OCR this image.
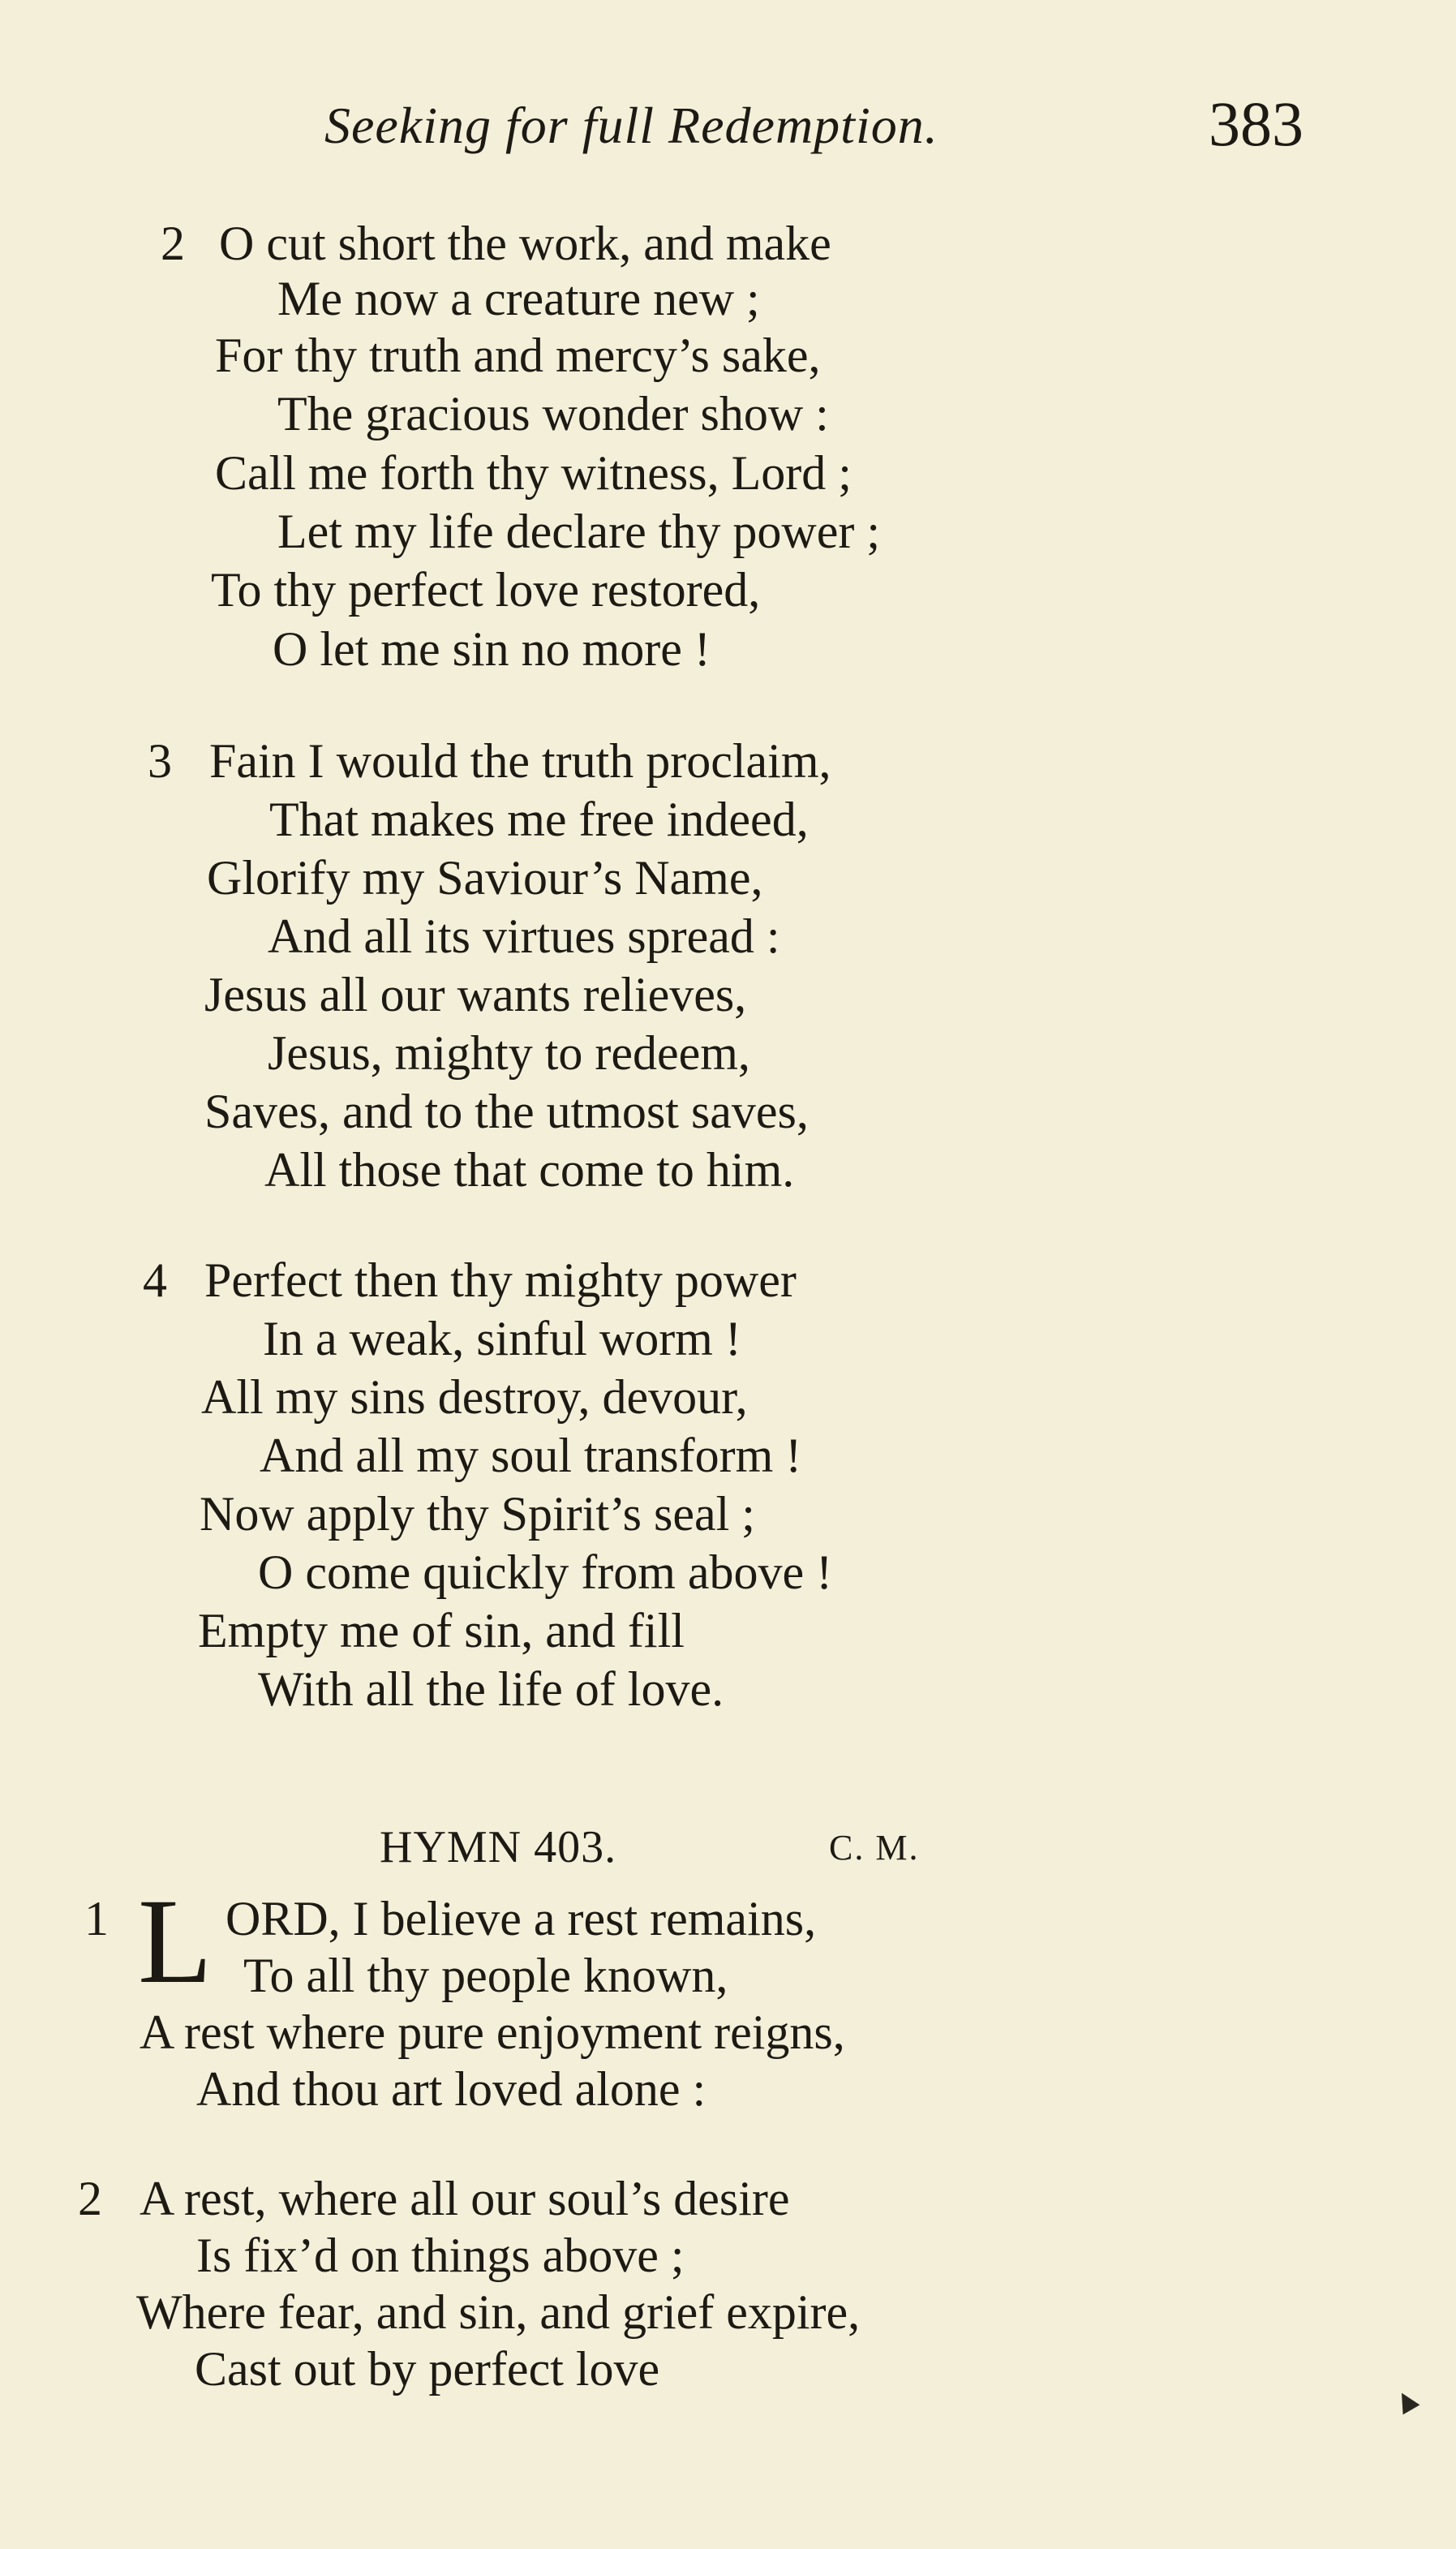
Seeking for full Redemption.	383
2 O cut short the work, and make
Me now a creature new ;
For thy truth and mercy’s sake,
The gracious wonder show :
Call me forth thy witness, Lord ;
Let my life declare thy power ;
To thy perfect love restored,
O let me sin no more !
3 Fain I would the truth proclaim,
That makes me free indeed,
Glorify my Saviour’s Name,
And all its virtues spread :
Jesus all our wants relieves,
Jesus, mighty to redeem,
Saves, and to the utmost saves,
All those that come to him.
4 Perfect then thy mighty power
In a weak, sinful worm !
All my sins destroy, devour,
And all my soul transform !
Now apply thy Spirit’s seal ;
O come quickly from above !
Empty me of sin, and fill
With all the life of love.
HYMN 403.	C. M.
1 L ORD, I believe a rest remains,
To all thy people known,
A rest where pure enjoyment reigns,
And thou art loved alone :
2 A rest, where all our soul’s desire
Is fix’d on things above ;
Where fear, and sin, and grief expire,
Cast out by perfect love
